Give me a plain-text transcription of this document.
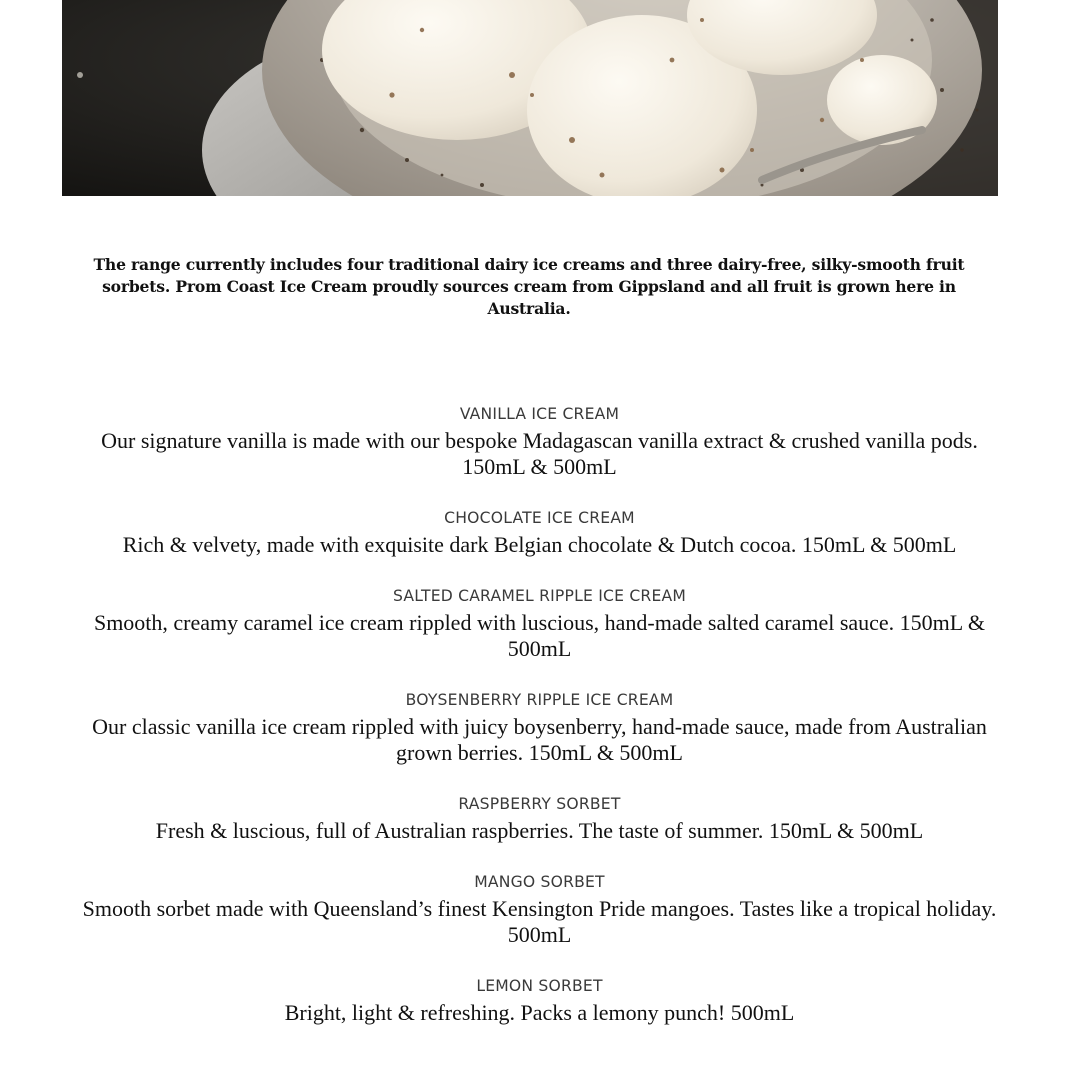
The range currently includes four traditional dairy ice creams and three dairy-free, silky-smooth fruit sorbets. Prom Coast Ice Cream proudly sources cream from Gippsland and all fruit is grown here in Australia.

VANILLA ICE CREAM
Our signature vanilla is made with our bespoke Madagascan vanilla extract & crushed vanilla pods. 150mL & 500mL
CHOCOLATE ICE CREAM
Rich & velvety, made with exquisite dark Belgian chocolate & Dutch cocoa. 150mL & 500mL
SALTED CARAMEL RIPPLE ICE CREAM
Smooth, creamy caramel ice cream rippled with luscious, hand-made salted caramel sauce. 150mL & 500mL
BOYSENBERRY RIPPLE ICE CREAM
Our classic vanilla ice cream rippled with juicy boysenberry, hand-made sauce, made from Australian grown berries. 150mL & 500mL
RASPBERRY SORBET
Fresh & luscious, full of Australian raspberries. The taste of summer. 150mL & 500mL
MANGO SORBET
Smooth sorbet made with Queensland’s finest Kensington Pride mangoes. Tastes like a tropical holiday. 500mL
LEMON SORBET
Bright, light & refreshing. Packs a lemony punch! 500mL
